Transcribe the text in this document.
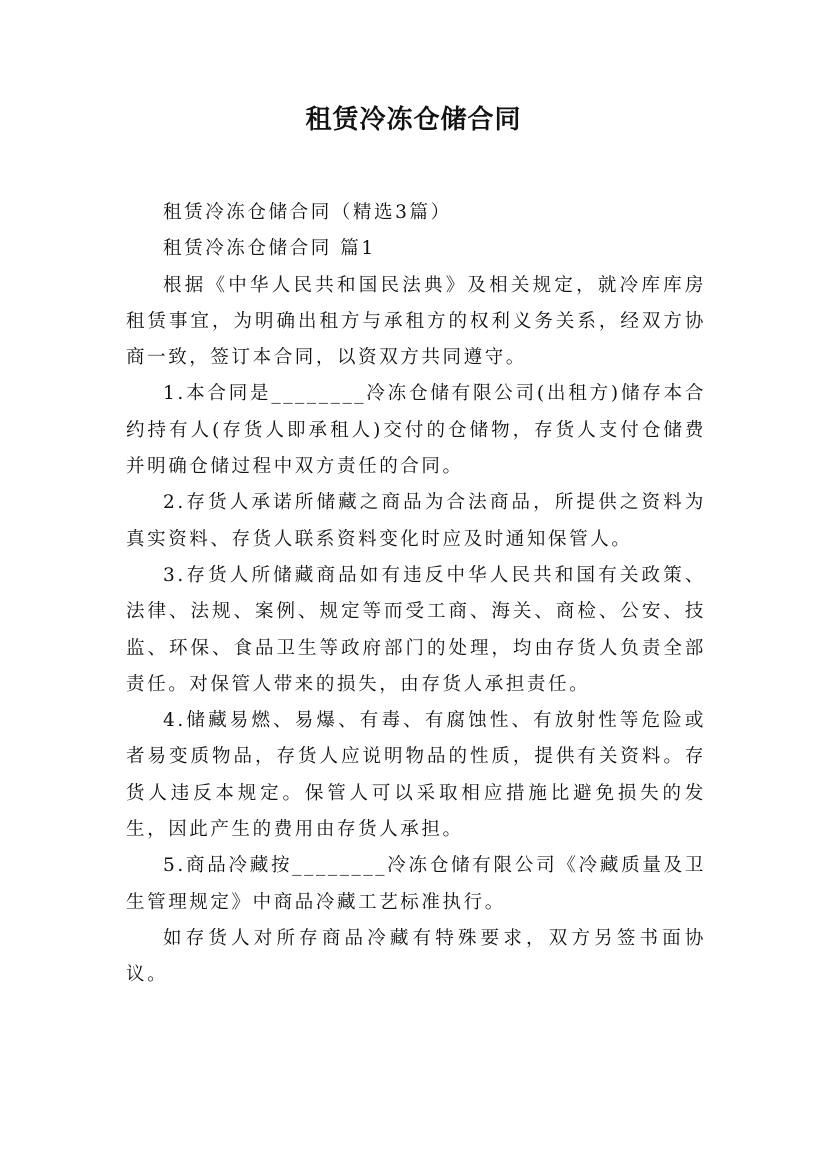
租赁冷冻仓储合同

租赁冷冻仓储合同（精选3篇）

租赁冷冻仓储合同 篇1

根据《中华人民共和国民法典》及相关规定，就冷库库房租赁事宜，为明确出租方与承租方的权利义务关系，经双方协商一致，签订本合同，以资双方共同遵守。

1.本合同是________冷冻仓储有限公司(出租方)储存本合约持有人(存货人即承租人)交付的仓储物，存货人支付仓储费并明确仓储过程中双方责任的合同。

2.存货人承诺所储藏之商品为合法商品，所提供之资料为真实资料、存货人联系资料变化时应及时通知保管人。

3.存货人所储藏商品如有违反中华人民共和国有关政策、法律、法规、案例、规定等而受工商、海关、商检、公安、技监、环保、食品卫生等政府部门的处理，均由存货人负责全部责任。对保管人带来的损失，由存货人承担责任。

4.储藏易燃、易爆、有毒、有腐蚀性、有放射性等危险或者易变质物品，存货人应说明物品的性质，提供有关资料。存货人违反本规定。保管人可以采取相应措施比避免损失的发生，因此产生的费用由存货人承担。

5.商品冷藏按________冷冻仓储有限公司《冷藏质量及卫生管理规定》中商品冷藏工艺标准执行。

如存货人对所存商品冷藏有特殊要求，双方另签书面协议。
